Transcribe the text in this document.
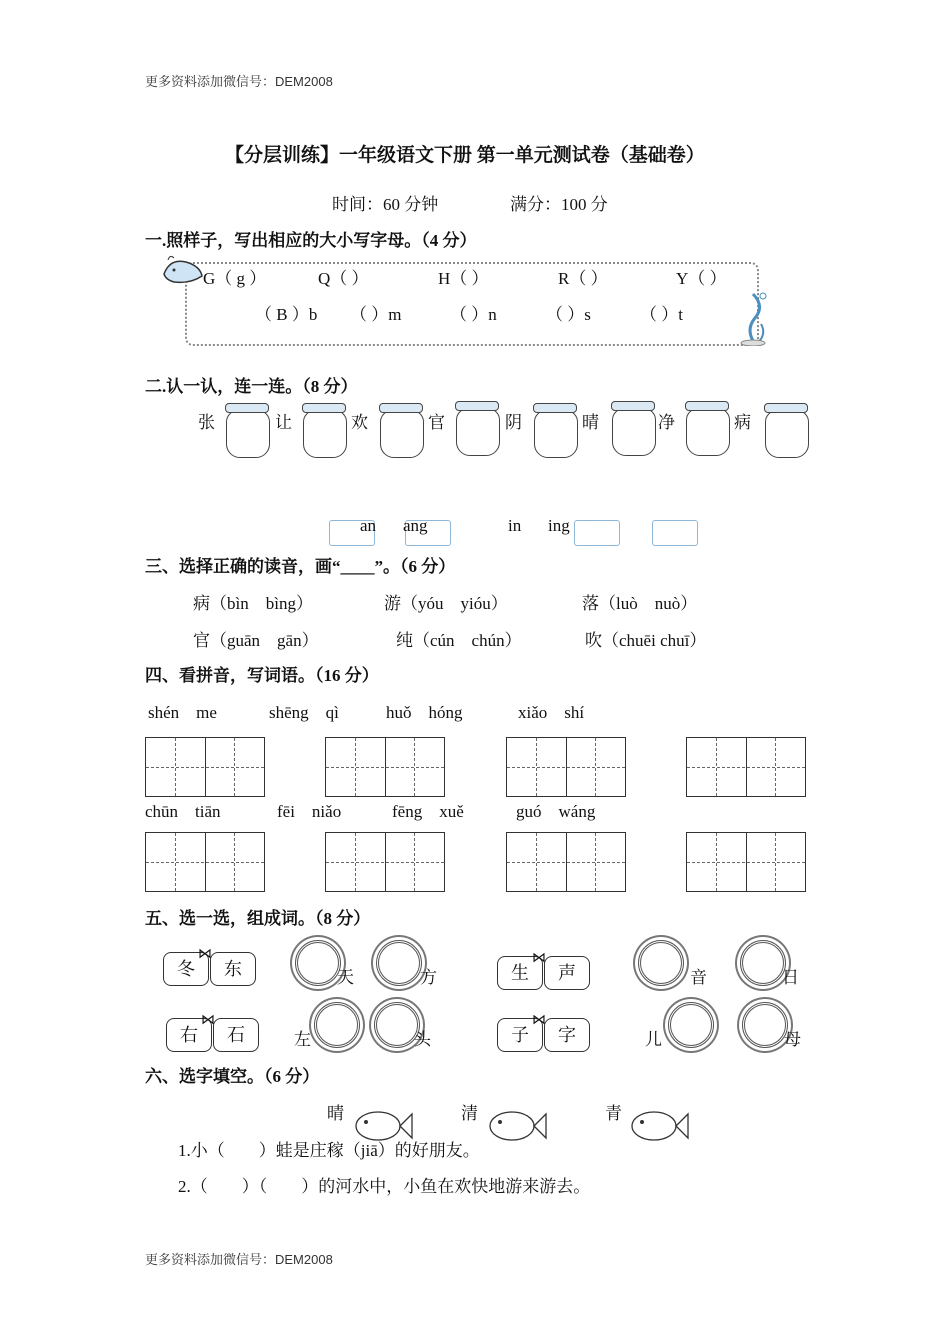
更多资料添加微信号：DEM2008
【分层训练】一年级语文下册 第一单元测试卷（基础卷）
时间：60 分钟	满分：100 分
一.照样子，写出相应的大小写字母。（4 分）
G（ g ）	Q（ ）	H（ ）	R（ ）	Y（ ）
（ B ）b （ ）m	（ ）n	（ ）s	（ ）t
二.认一认，连一连。（8 分）
张	让	欢	官	阴	晴	净	病
an ang	in ing
三、选择正确的读音，画“____”。（6 分）
病（bìn　bìng）	游（yóu　yióu）	落（luò　nuò）
官（guān　gān）	纯（cún　chún）	吹（chuēi chuī）
四、看拼音，写词语。（16 分）
shén　me	shēng　qì	huǒ　hóng	xiǎo　shí
chūn　tiān	fēi　niǎo	fēng　xuě	guó　wáng
五、选一选，组成词。（8 分）
冬	东
⋈
天	方	生	声
⋈
音	日
右	石
⋈
左	头	子	字
⋈
儿	母
六、选字填空。（6 分）
晴	清	青
1.小（　　）蛙是庄稼（jiā）的好朋友。
2.（　　）（　　）的河水中，小鱼在欢快地游来游去。
更多资料添加微信号：DEM2008
